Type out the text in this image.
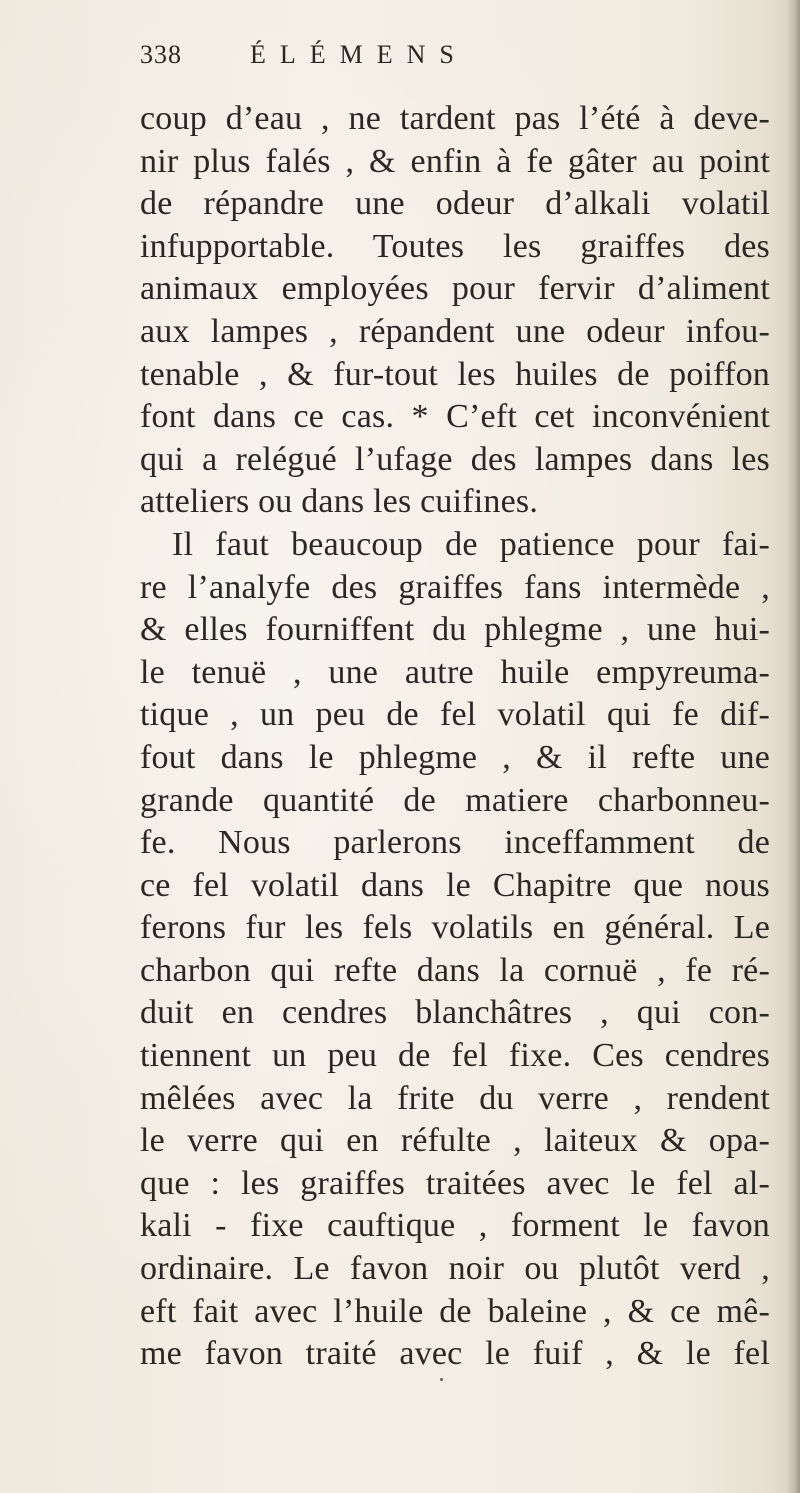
338	ÉLÉMENS
coup d’eau , ne tardent pas l’été à deve-
nir plus falés , & enfin à fe gâter au point
de répandre une odeur d’alkali volatil
infupportable. Toutes les graiffes des
animaux employées pour fervir d’aliment
aux lampes , répandent une odeur infou-
tenable , & fur-tout les huiles de poiffon
font dans ce cas. * C’eft cet inconvénient
qui a relégué l’ufage des lampes dans les
atteliers ou dans les cuifines.
Il faut beaucoup de patience pour fai-
re l’analyfe des graiffes fans intermède ,
& elles fourniffent du phlegme , une hui-
le tenuë , une autre huile empyreuma-
tique , un peu de fel volatil qui fe dif-
fout dans le phlegme , & il refte une
grande quantité de matiere charbonneu-
fe. Nous parlerons inceffamment de
ce fel volatil dans le Chapitre que nous
ferons fur les fels volatils en général. Le
charbon qui refte dans la cornuë , fe ré-
duit en cendres blanchâtres , qui con-
tiennent un peu de fel fixe. Ces cendres
mêlées avec la frite du verre , rendent
le verre qui en réfulte , laiteux & opa-
que : les graiffes traitées avec le fel al-
kali - fixe cauftique , forment le favon
ordinaire. Le favon noir ou plutôt verd ,
eft fait avec l’huile de baleine , & ce mê-
me favon traité avec le fuif , & le fel
